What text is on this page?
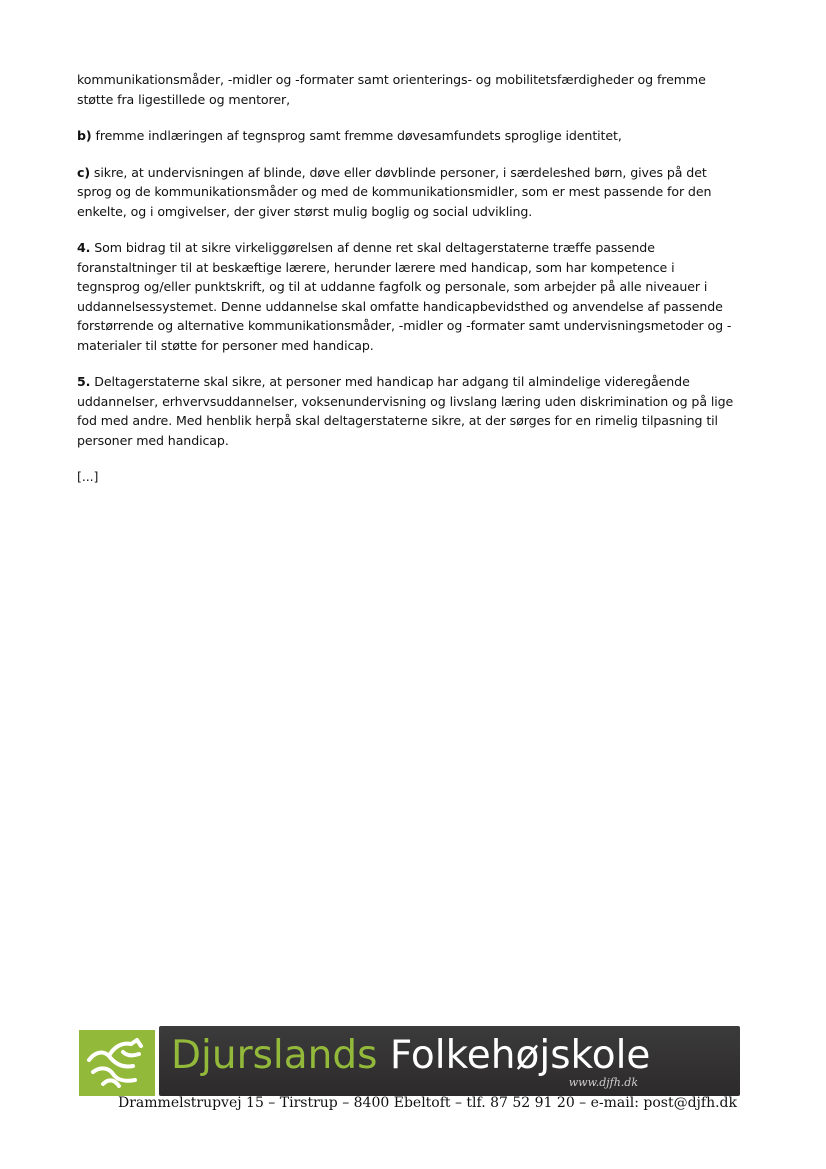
kommunikationsmåder, -midler og -formater samt orienterings- og mobilitetsfærdigheder og fremme støtte fra ligestillede og mentorer,

b) fremme indlæringen af tegnsprog samt fremme døvesamfundets sproglige identitet,

c) sikre, at undervisningen af blinde, døve eller døvblinde personer, i særdeleshed børn, gives på det sprog og de kommunikationsmåder og med de kommunikationsmidler, som er mest passende for den enkelte, og i omgivelser, der giver størst mulig boglig og social udvikling.

4. Som bidrag til at sikre virkeliggørelsen af denne ret skal deltagerstaterne træffe passende foranstaltninger til at beskæftige lærere, herunder lærere med handicap, som har kompetence i tegnsprog og/eller punktskrift, og til at uddanne fagfolk og personale, som arbejder på alle niveauer i uddannelsessystemet. Denne uddannelse skal omfatte handicapbevidsthed og anvendelse af passende forstørrende og alternative kommunikationsmåder, -midler og -formater samt undervisningsmetoder og -materialer til støtte for personer med handicap.

5. Deltagerstaterne skal sikre, at personer med handicap har adgang til almindelige videregående uddannelser, erhvervsuddannelser, voksenundervisning og livslang læring uden diskrimination og på lige fod med andre. Med henblik herpå skal deltagerstaterne sikre, at der sørges for en rimelig tilpasning til personer med handicap.

[...]

Djurslands Folkehøjskole
www.djfh.dk
Drammelstrupvej 15 – Tirstrup – 8400 Ebeltoft – tlf. 87 52 91 20 – e-mail: post@djfh.dk
